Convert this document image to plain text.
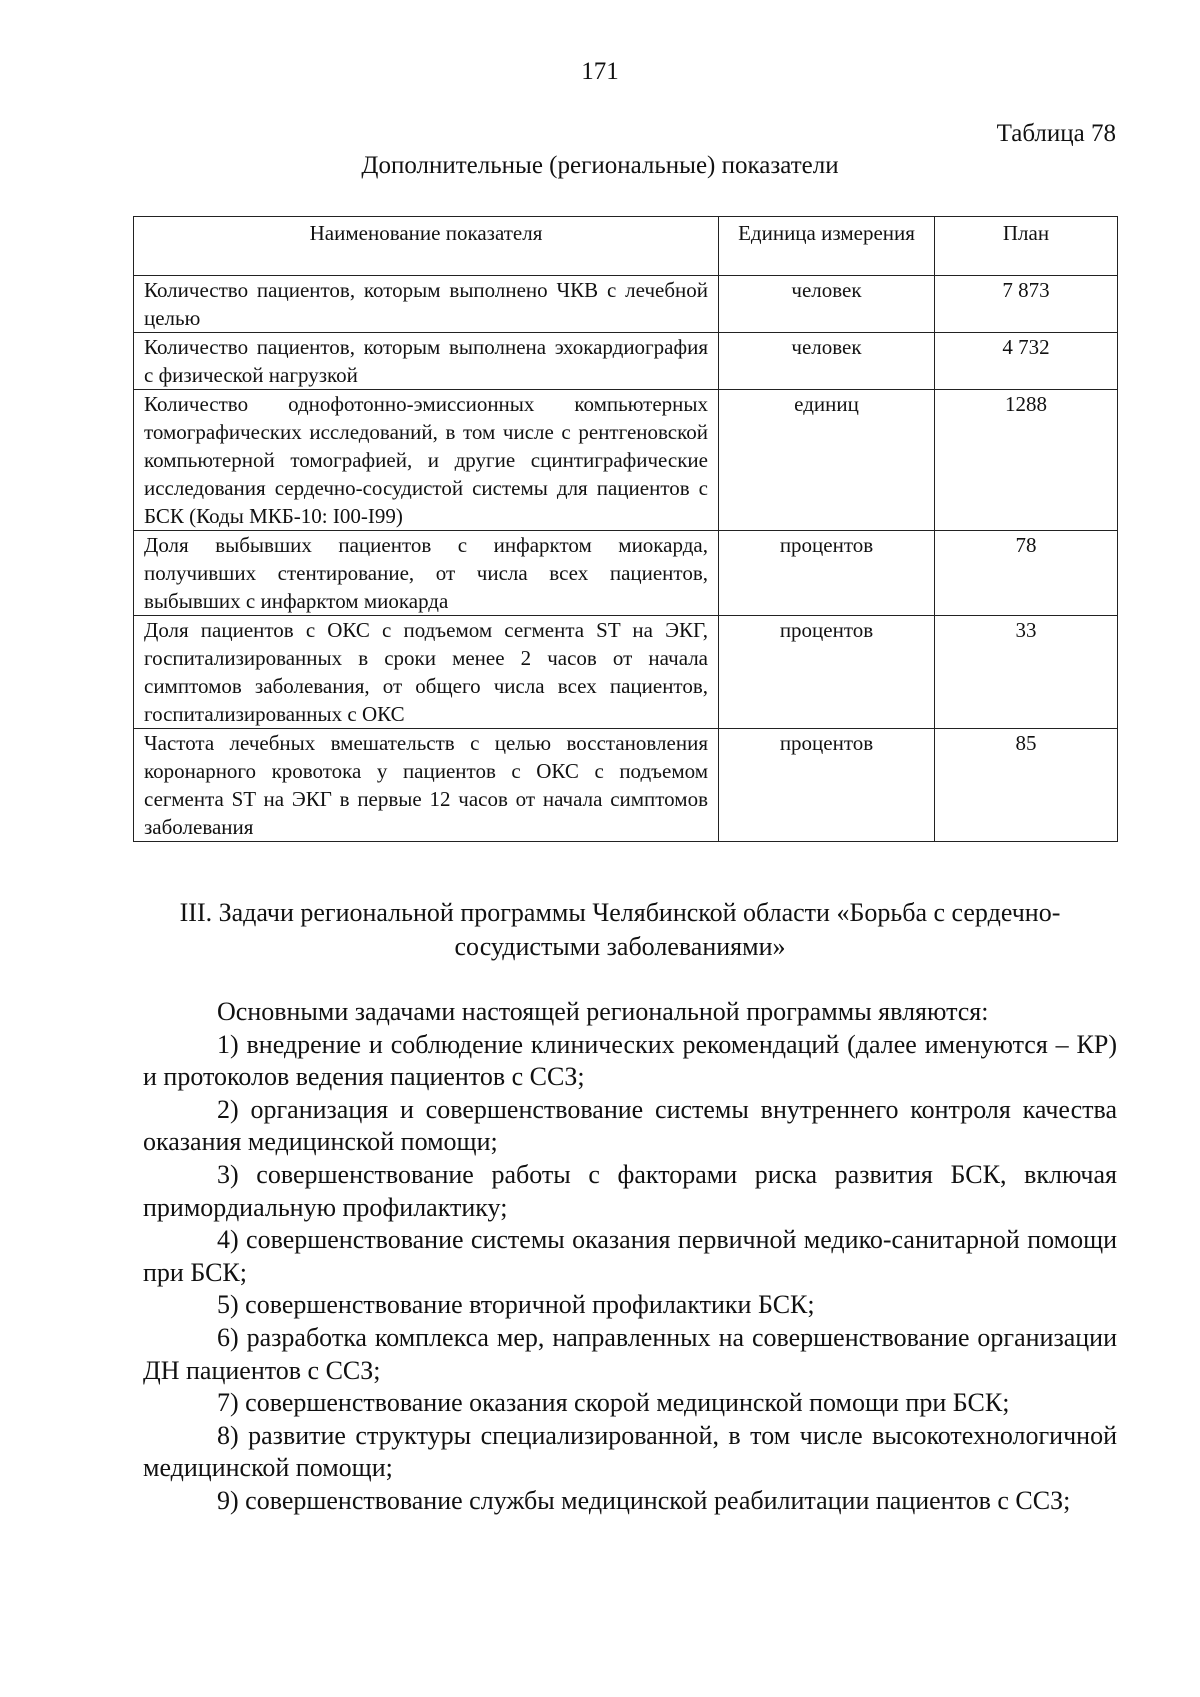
171
Таблица 78
Дополнительные (региональные) показатели
Наименование показателя	Единица измерения	План
Количество пациентов, которым выполнено ЧКВ с лечебной целью	человек	7 873
Количество пациентов, которым выполнена эхокардиография с физической нагрузкой	человек	4 732
Количество однофотонно-эмиссионных компьютерных томографических исследований, в том числе с рентгеновской компьютерной томографией, и другие сцинтиграфические исследования сердечно-сосудистой системы для пациентов с БСК (Коды МКБ-10: I00-I99)	единиц	1288
Доля выбывших пациентов с инфарктом миокарда, получивших стентирование, от числа всех пациентов, выбывших с инфарктом миокарда	процентов	78
Доля пациентов с ОКС с подъемом сегмента ST на ЭКГ, госпитализированных в сроки менее 2 часов от начала симптомов заболевания, от общего числа всех пациентов, госпитализированных с ОКС	процентов	33
Частота лечебных вмешательств с целью восстановления коронарного кровотока у пациентов с ОКС с подъемом сегмента ST на ЭКГ в первые 12 часов от начала симптомов заболевания	процентов	85
III. Задачи региональной программы Челябинской области «Борьба с сердечно-сосудистыми заболеваниями»

Основными задачами настоящей региональной программы являются:

1) внедрение и соблюдение клинических рекомендаций (далее именуются – КР) и протоколов ведения пациентов с ССЗ;

2) организация и совершенствование системы внутреннего контроля качества оказания медицинской помощи;

3) совершенствование работы с факторами риска развития БСК, включая примордиальную профилактику;

4) совершенствование системы оказания первичной медико-санитарной помощи при БСК;

5) совершенствование вторичной профилактики БСК;

6) разработка комплекса мер, направленных на совершенствование организации ДН пациентов с ССЗ;

7) совершенствование оказания скорой медицинской помощи при БСК;

8) развитие структуры специализированной, в том числе высокотехнологичной медицинской помощи;

9) совершенствование службы медицинской реабилитации пациентов с ССЗ;
